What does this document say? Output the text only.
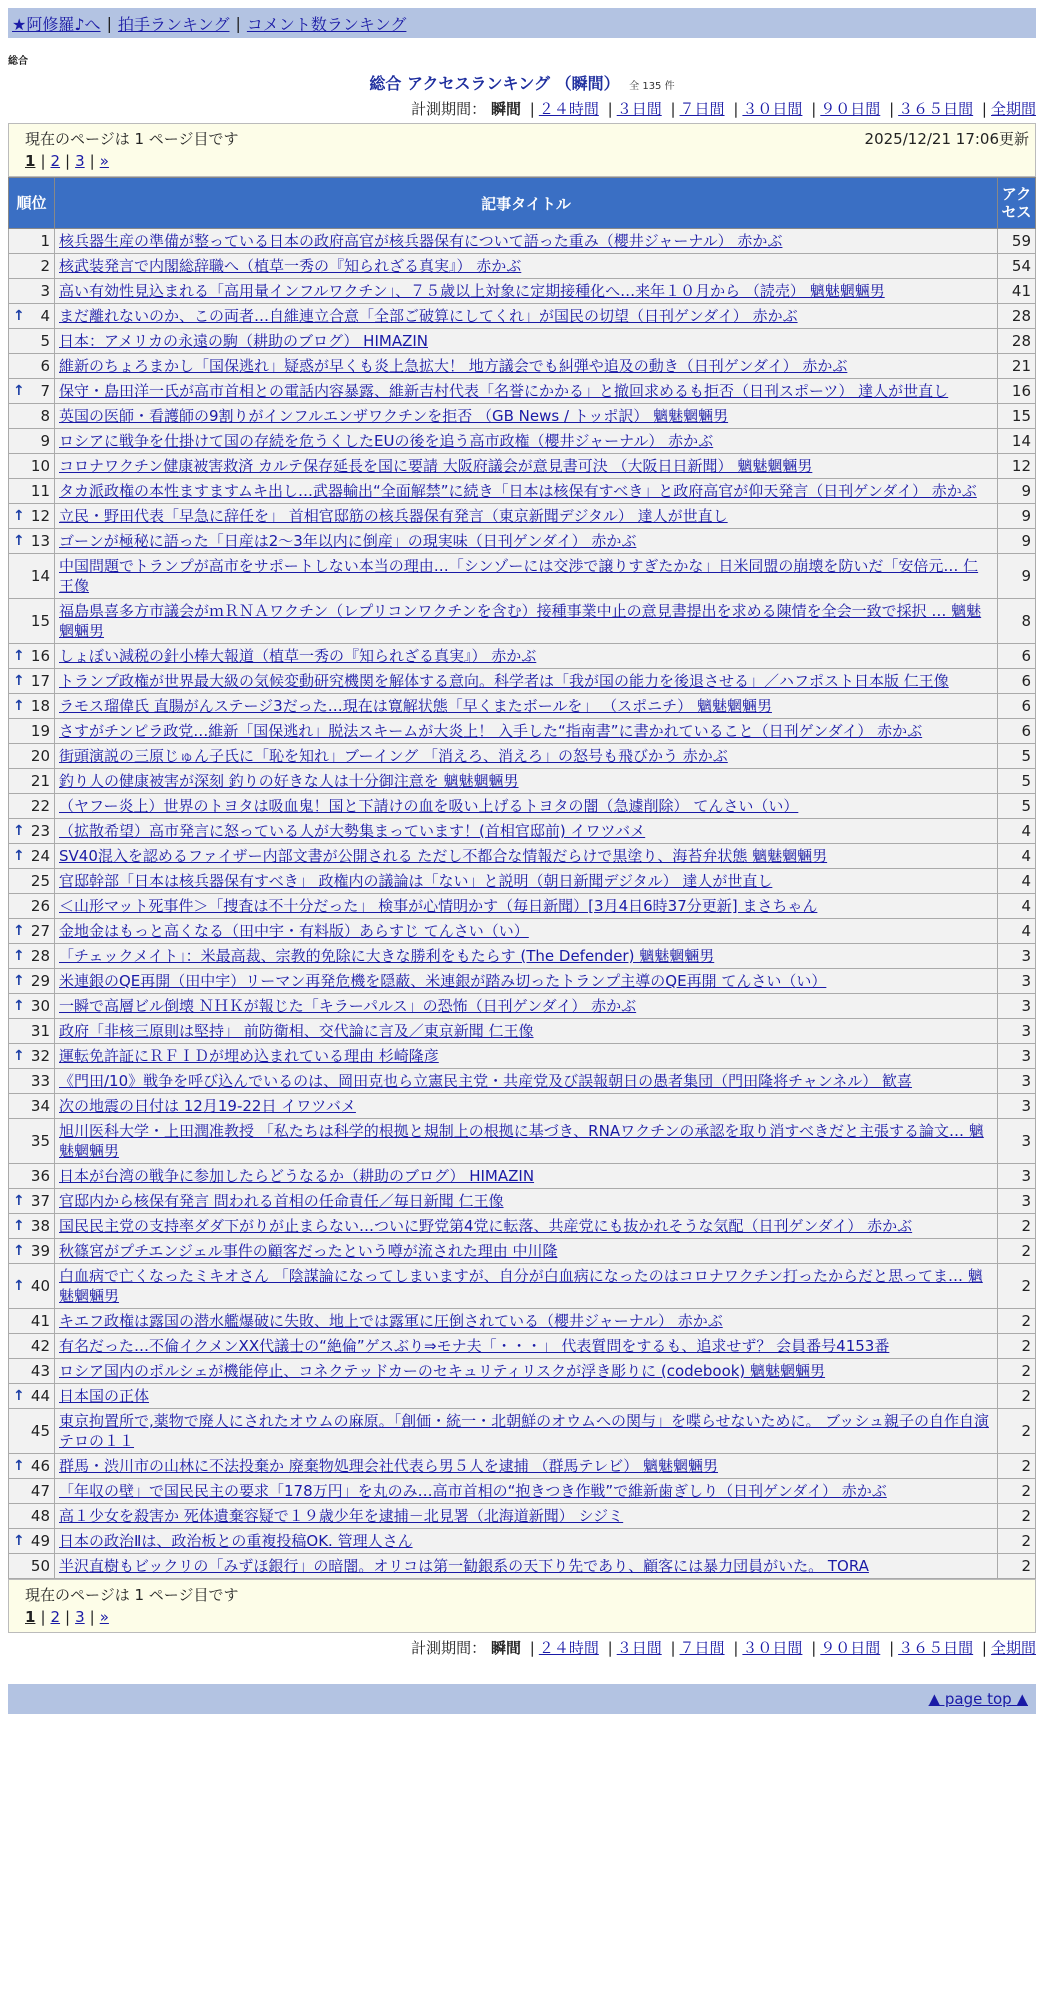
★阿修羅♪へ | 拍手ランキング | コメント数ランキング
総合
総合 アクセスランキング （瞬間） 全 135 件
計測期間： 瞬間 | ２４時間 | ３日間 | ７日間 | ３０日間 | ９０日間 | ３６５日間 | 全期間
現在のページは 1 ページ目です	2025/12/21 17:06更新
1 | 2 | 3 | »
順位	記事タイトル	アクセス
1	核兵器生産の準備が整っている日本の政府高官が核兵器保有について語った重み（櫻井ジャーナル） 赤かぶ	59
2	核武装発言で内閣総辞職へ（植草一秀の『知られざる真実』） 赤かぶ	54
3	高い有効性見込まれる「高用量インフルワクチン」、７５歳以上対象に定期接種化へ…来年１０月から （読売） 魑魅魍魎男	41

↑ 4	まだ離れないのか、この両者…自維連立合意「全部ご破算にしてくれ」が国民の切望（日刊ゲンダイ） 赤かぶ	28
5	日本：アメリカの永遠の駒（耕助のブログ） HIMAZIN	28
6	維新のちょろまかし「国保逃れ」疑惑が早くも炎上急拡大！ 地方議会でも糾弾や追及の動き（日刊ゲンダイ） 赤かぶ	21

↑ 7	保守・島田洋一氏が高市首相との電話内容暴露、維新吉村代表「名誉にかかる」と撤回求めるも拒否（日刊スポーツ） 達人が世直し	16
8	英国の医師・看護師の9割りがインフルエンザワクチンを拒否 （GB News / トッポ訳） 魑魅魍魎男	15
9	ロシアに戦争を仕掛けて国の存続を危うくしたEUの後を追う高市政権（櫻井ジャーナル） 赤かぶ	14
10	コロナワクチン健康被害救済 カルテ保存延長を国に要請 大阪府議会が意見書可決 （大阪日日新聞） 魑魅魍魎男	12
11	タカ派政権の本性ますますムキ出し…武器輸出“全面解禁”に続き「日本は核保有すべき」と政府高官が仰天発言（日刊ゲンダイ） 赤かぶ	9

↑ 12	立民・野田代表「早急に辞任を」 首相官邸筋の核兵器保有発言（東京新聞デジタル） 達人が世直し	9

↑ 13	ゴーンが極秘に語った「日産は2～3年以内に倒産」の現実味（日刊ゲンダイ） 赤かぶ	9
14	中国問題でトランプが高市をサポートしない本当の理由…「シンゾーには交渉で譲りすぎたかな」日米同盟の崩壊を防いだ「安倍元… 仁王像	9
15	福島県喜多方市議会がｍＲＮＡワクチン（レプリコンワクチンを含む）接種事業中止の意見書提出を求める陳情を全会一致で採択 … 魑魅魍魎男	8

↑ 16	しょぼい減税の針小棒大報道（植草一秀の『知られざる真実』） 赤かぶ	6

↑ 17	トランプ政権が世界最大級の気候変動研究機関を解体する意向。科学者は「我が国の能力を後退させる」／ハフポスト日本版 仁王像	6

↑ 18	ラモス瑠偉氏 直腸がんステージ3だった…現在は寛解状態「早くまたボールを」 （スポニチ） 魑魅魍魎男	6
19	さすがチンピラ政党…維新「国保逃れ」脱法スキームが大炎上！ 入手した“指南書”に書かれていること（日刊ゲンダイ） 赤かぶ	6
20	街頭演説の三原じゅん子氏に「恥を知れ」ブーイング 「消えろ、消えろ」の怒号も飛びかう 赤かぶ	5
21	釣り人の健康被害が深刻 釣りの好きな人は十分御注意を 魑魅魍魎男	5
22	（ヤフー炎上）世界のトヨタは吸血鬼！国と下請けの血を吸い上げるトヨタの闇（急遽削除） てんさい（い）	5

↑ 23	（拡散希望）高市発言に怒っている人が大勢集まっています！(首相官邸前) イワツバメ	4

↑ 24	SV40混入を認めるファイザー内部文書が公開される ただし不都合な情報だらけで黒塗り、海苔弁状態 魑魅魍魎男	4
25	官邸幹部「日本は核兵器保有すべき」 政権内の議論は「ない」と説明（朝日新聞デジタル） 達人が世直し	4
26	＜山形マット死事件＞「捜査は不十分だった」 検事が心情明かす（毎日新聞）[3月4日6時37分更新] まさちゃん	4

↑ 27	金地金はもっと高くなる（田中宇・有料版）あらすじ てんさい（い）	4

↑ 28	「チェックメイト」：米最高裁、宗教的免除に大きな勝利をもたらす (The Defender) 魑魅魍魎男	3

↑ 29	米連銀のQE再開（田中宇）リーマン再発危機を隠蔽、米連銀が踏み切ったトランプ主導のQE再開 てんさい（い）	3

↑ 30	一瞬で高層ビル倒壊 ＮＨＫが報じた「キラーパルス」の恐怖（日刊ゲンダイ） 赤かぶ	3
31	政府「非核三原則は堅持」 前防衛相、交代論に言及／東京新聞 仁王像	3

↑ 32	運転免許証にＲＦＩＤが埋め込まれている理由 杉崎隆彦	3
33	《門田/10》戦争を呼び込んでいるのは、岡田克也ら立憲民主党・共産党及び誤報朝日の愚者集団（門田隆将チャンネル） 歓喜	3
34	次の地震の日付は 12月19-22日 イワツバメ	3
35	旭川医科大学・上田潤准教授 「私たちは科学的根拠と規制上の根拠に基づき、RNAワクチンの承認を取り消すべきだと主張する論文… 魑魅魍魎男	3
36	日本が台湾の戦争に参加したらどうなるか（耕助のブログ） HIMAZIN	3

↑ 37	官邸内から核保有発言 問われる首相の任命責任／毎日新聞 仁王像	3

↑ 38	国民民主党の支持率ダダ下がりが止まらない…ついに野党第4党に転落、共産党にも抜かれそうな気配（日刊ゲンダイ） 赤かぶ	2

↑ 39	秋篠宮がプチエンジェル事件の顧客だったという噂が流された理由 中川隆	2

↑ 40	白血病で亡くなったミキオさん 「陰謀論になってしまいますが、自分が白血病になったのはコロナワクチン打ったからだと思ってま… 魑魅魍魎男	2
41	キエフ政権は露国の潜水艦爆破に失敗、地上では露軍に圧倒されている（櫻井ジャーナル） 赤かぶ	2
42	有名だった…不倫イクメンXX代議士の“絶倫”ゲスぶり⇒モナ夫「・・・」 代表質問をするも、追求せず？ 会員番号4153番	2
43	ロシア国内のポルシェが機能停止、コネクテッドカーのセキュリティリスクが浮き彫りに (codebook) 魑魅魍魎男	2

↑ 44	日本国の正体	2
45	東京拘置所で,薬物で廃人にされたオウムの麻原。「創価・統一・北朝鮮のオウムへの関与」を喋らせないために。 ブッシュ親子の自作自演テロの１１	2

↑ 46	群馬・渋川市の山林に不法投棄か 廃棄物処理会社代表ら男５人を逮捕 （群馬テレビ） 魑魅魍魎男	2
47	「年収の壁」で国民民主の要求「178万円」を丸のみ…高市首相の“抱きつき作戦”で維新歯ぎしり（日刊ゲンダイ） 赤かぶ	2
48	高１少女を殺害か 死体遺棄容疑で１９歳少年を逮捕－北見署（北海道新聞） シジミ	2

↑ 49	日本の政治Ⅱは、政治板との重複投稿OK. 管理人さん	2
50	半沢直樹もビックリの「みずほ銀行」の暗闇。オリコは第一勧銀系の天下り先であり、顧客には暴力団員がいた。 TORA	2
現在のページは 1 ページ目です
1 | 2 | 3 | »
計測期間： 瞬間 | ２４時間 | ３日間 | ７日間 | ３０日間 | ９０日間 | ３６５日間 | 全期間
▲ page top ▲
